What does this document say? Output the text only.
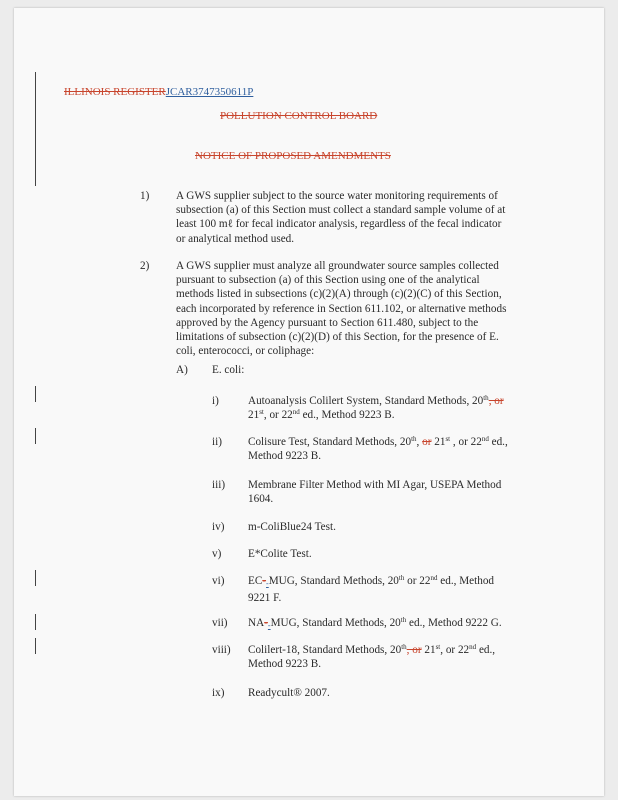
ILLINOIS REGISTERJCAR3747350611P
POLLUTION CONTROL BOARD
NOTICE OF PROPOSED AMENDMENTS
1) A GWS supplier subject to the source water monitoring requirements of
subsection (a) of this Section must collect a standard sample volume of at
least 100 mℓ for fecal indicator analysis, regardless of the fecal indicator
or analytical method used.
2) A GWS supplier must analyze all groundwater source samples collected
pursuant to subsection (a) of this Section using one of the analytical
methods listed in subsections (c)(2)(A) through (c)(2)(C) of this Section,
each incorporated by reference in Section 611.102, or alternative methods
approved by the Agency pursuant to Section 611.480, subject to the
limitations of subsection (c)(2)(D) of this Section, for the presence of E.
coli, enterococci, or coliphage:
A) E. coli:
i)	Autoanalysis Colilert System, Standard Methods, 20th, or
21st, or 22nd ed., Method 9223 B.
ii) Colisure Test, Standard Methods, 20th, or 21st , or 22nd ed.,
Method 9223 B.
iii) Membrane Filter Method with MI Agar, USEPA Method
1604.
iv) m-ColiBlue24 Test.
v) E*Colite Test.
vi) $EC-_-MUG$, Standard Methods, 20th or 22nd ed., Method
9221 F.
vii) $NA-_-MUG$, Standard Methods, 20th ed., Method 9222 G.
viii) Colilert-18, Standard Methods, 20th, or 21st, or 22nd ed.,
Method 9223 B.
ix) Readycult® 2007.
